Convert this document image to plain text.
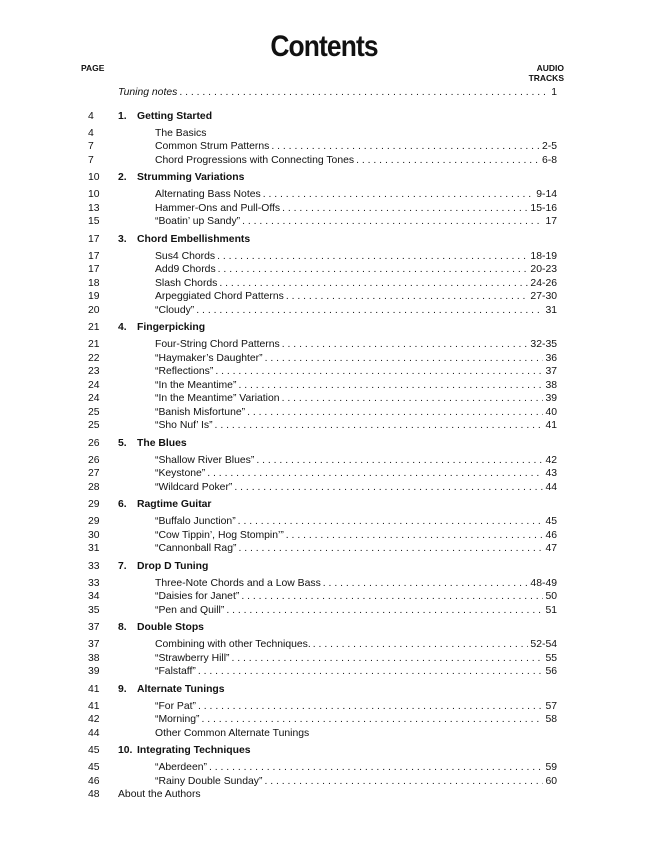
Contents
PAGE	AUDIO
TRACKS
Tuning notes . . .	1
4	1. Getting Started
4	The Basics
7	Common Strum Patterns . . .	2-5
7	Chord Progressions with Connecting Tones . . .	6-8
10	2. Strumming Variations
10	Alternating Bass Notes . . .	9-14
13	Hammer-Ons and Pull-Offs . . .	15-16
15	“Boatin’ up Sandy” . . .	17
17	3. Chord Embellishments
17	Sus4 Chords . . .	18-19
17	Add9 Chords . . .	20-23
18	Slash Chords . . .	24-26
19	Arpeggiated Chord Patterns . . .	27-30
20	“Cloudy” . . .	31
21	4. Fingerpicking
21	Four-String Chord Patterns . . .	32-35
22	“Haymaker’s Daughter” . . .	36
23	“Reflections” . . .	37
24	“In the Meantime” . . .	38
24	“In the Meantime” Variation . . .	39
25	“Banish Misfortune” . . .	40
25	“Sho Nuf’ Is” . . .	41
26	5. The Blues
26	“Shallow River Blues” . . .	42
27	“Keystone” . . .	43
28	“Wildcard Poker” . . .	44
29	6. Ragtime Guitar
29	“Buffalo Junction” . . .	45
30	“Cow Tippin’, Hog Stompin’” . . .	46
31	“Cannonball Rag” . . .	47
33	7. Drop D Tuning
33	Three-Note Chords and a Low Bass . . .	48-49
34	“Daisies for Janet” . . .	50
35	“Pen and Quill” . . .	51
37	8. Double Stops
37	Combining with other Techniques. . . .	52-54
38	“Strawberry Hill” . . .	55
39	“Falstaff” . . .	56
41	9. Alternate Tunings
41	“For Pat” . . .	57
42	“Morning” . . .	58
44	Other Common Alternate Tunings
45	10. Integrating Techniques
45	“Aberdeen” . . .	59
46	“Rainy Double Sunday” . . .	60
48	About the Authors
